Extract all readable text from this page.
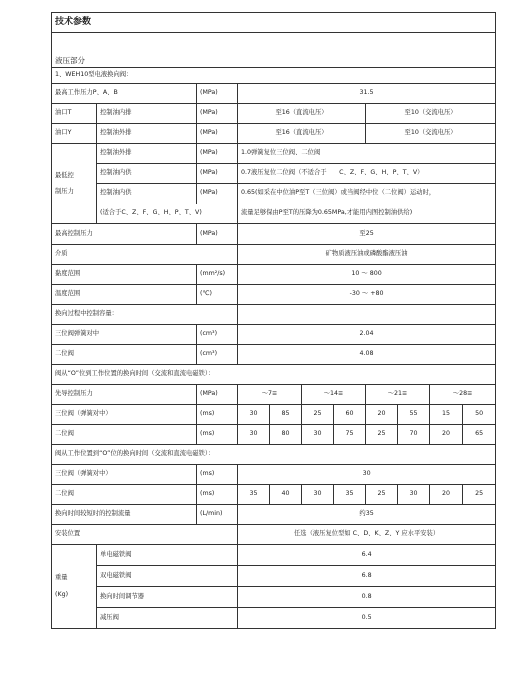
技术参数										
液压部分										
1、WEH10型电液换向阀：										
最高工作压力P、A、B		(MPa)	31.5							
油口T	控制油内排	(MPa)	至16（直流电压）				至10（交流电压）			
油口Y	控制油外排	(MPa)	至16（直流电压）				至10（交流电压）			
最低控
制压力	控制油外排	(MPa)	1.0弹簧复位三位阀、二位阀							
	控制油内供	(MPa)	0.7液压复位二位阀（不适合于　　C、Z、F、G、H、P、T、V）							
	控制油内供	(MPa)	0.65(如采在中位油P至T（三位阀）或当阀经中位（二位阀）运动时，							
	(适合于C、Z、F、G、H、P、T、V)		流量足够保由P至T的压降为0.65MPa,才能用内图控制油供给)							
最高控制压力		(MPa)	至25							
介质			矿物质液压油或磷酸酯液压油							
黏度范围		(mm²/s)	10 ～ 800							
温度范围		(℃)	-30 ～ +80							
换向过程中控制容量：										
三位阀弹簧对中		(cm³)	2.04							
二位阀		(cm³)	4.08							
阀从“O”位到工作位置的换向时间（交流和直流电磁铁）：										
先导控制压力		(MPa)	～7≡		～14≡		～21≡		～28≡	
三位阀（弹簧对中）		(ms)	30	85	25	60	20	55	15	50
二位阀		(ms)	30	80	30	75	25	70	20	65
阀从工作位置到“O”位的换向时间（交流和直流电磁铁）：										
三位阀（弹簧对中）		(ms)	30							
二位阀		(ms)	35	40	30	35	25	30	20	25
换向时间较短时的控制流量		(L/min)	约35							
安装位置			任选（液压复位型如 C、D、K、Z、Y 应水平安装）							
重量
(Kg)	单电磁铁阀		6.4							
	双电磁铁阀		6.8							
	换向时间调节器		0.8							
	减压阀		0.5							
